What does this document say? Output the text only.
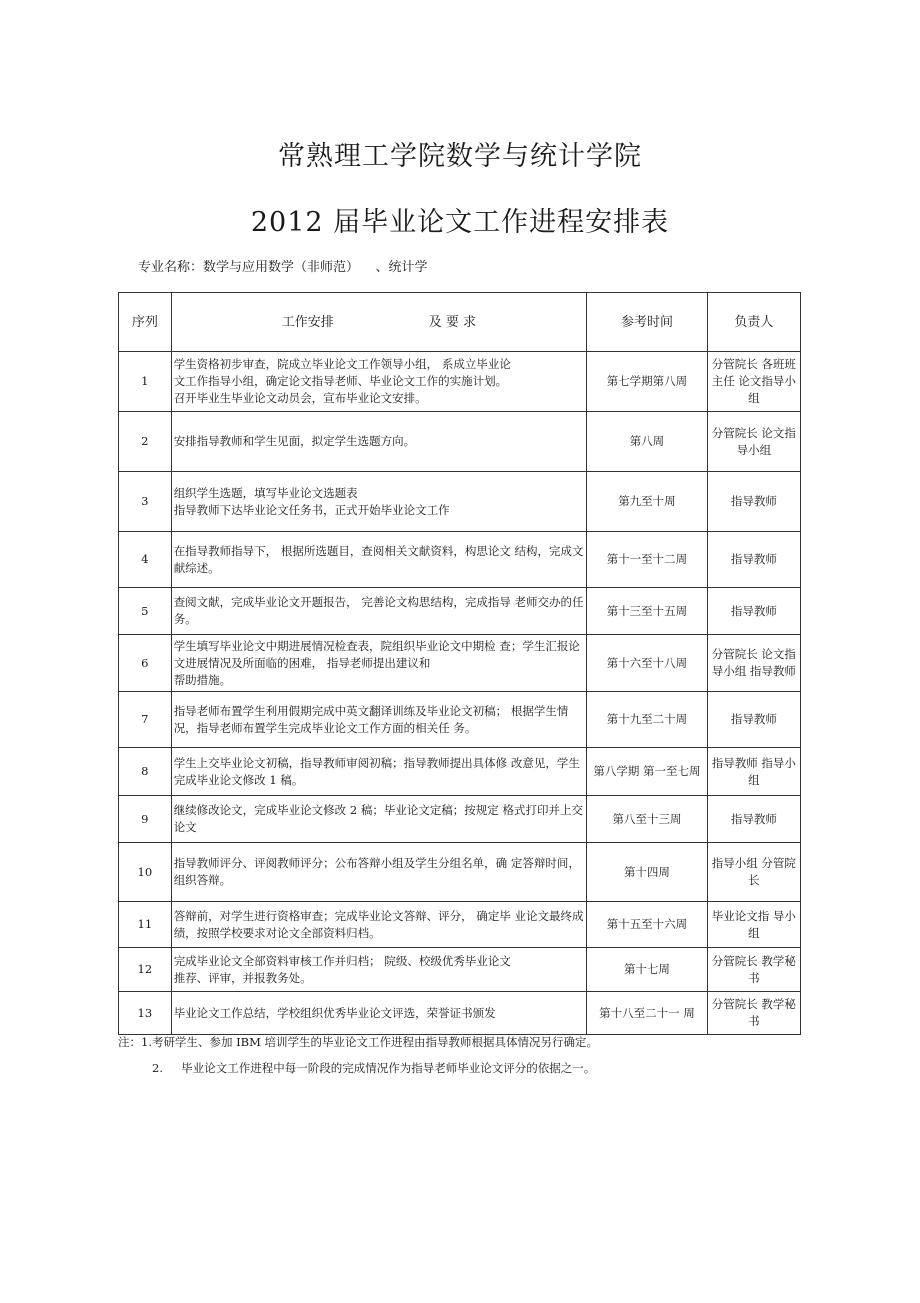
常熟理工学院数学与统计学院
2012 届毕业论文工作进程安排表
专业名称：数学与应用数学（非师范）    、统计学
序列	工作安排 及 要 求	参考时间	负责人
1	学生资格初步审查，院成立毕业论文工作领导小组， 系成立毕业论
文工作指导小组，确定论文指导老师、毕业论文工作的实施计划。
召开毕业生毕业论文动员会，宣布毕业论文安排。	第七学期第八周	分管院长 各班班主任 论文指导小组
2	安排指导教师和学生见面，拟定学生选题方向。	第八周	分管院长 论文指导小组
3	组织学生选题，填写毕业论文选题表
指导教师下达毕业论文任务书，正式开始毕业论文工作	第九至十周	指导教师
4	在指导教师指导下， 根据所选题目，查阅相关文献资料，构思论文 结构，完成文献综述。	第十一至十二周	指导教师
5	查阅文献，完成毕业论文开题报告， 完善论文构思结构，完成指导 老师交办的任务。	第十三至十五周	指导教师
6	学生填写毕业论文中期进展情况检查表，院组织毕业论文中期检 查；学生汇报论文进展情况及所面临的困难， 指导老师提出建议和
帮助措施。	第十六至十八周	分管院长 论文指导小组 指导教师
7	指导老师布置学生利用假期完成中英文翻译训练及毕业论文初稿； 根据学生情况，指导老师布置学生完成毕业论文工作方面的相关任 务。	第十九至二十周	指导教师
8	学生上交毕业论文初稿，指导教师审阅初稿；指导教师提出具体修 改意见，学生完成毕业论文修改 1 稿。	第八学期 第一至七周	指导教师 指导小组
9	继续修改论文，完成毕业论文修改 2 稿；毕业论文定稿；按规定 格式打印并上交论文	第八至十三周	指导教师
10	指导教师评分、评阅教师评分；公布答辩小组及学生分组名单，确 定答辩时间，组织答辩。	第十四周	指导小组 分管院长
11	答辩前，对学生进行资格审查；完成毕业论文答辩、评分， 确定毕 业论文最终成绩，按照学校要求对论文全部资料归档。	第十五至十六周	毕业论文指 导小组
12	完成毕业论文全部资料审核工作并归档； 院级、校级优秀毕业论文
推荐、评审，并报教务处。	第十七周	分管院长 教学秘书
13	毕业论文工作总结，学校组织优秀毕业论文评选，荣誉证书颁发	第十八至二十一 周	分管院长 教学秘书
注：1.考研学生、参加 IBM 培训学生的毕业论文工作进程由指导教师根据具体情况另行确定。
2.     毕业论文工作进程中每一阶段的完成情况作为指导老师毕业论文评分的依据之一。
